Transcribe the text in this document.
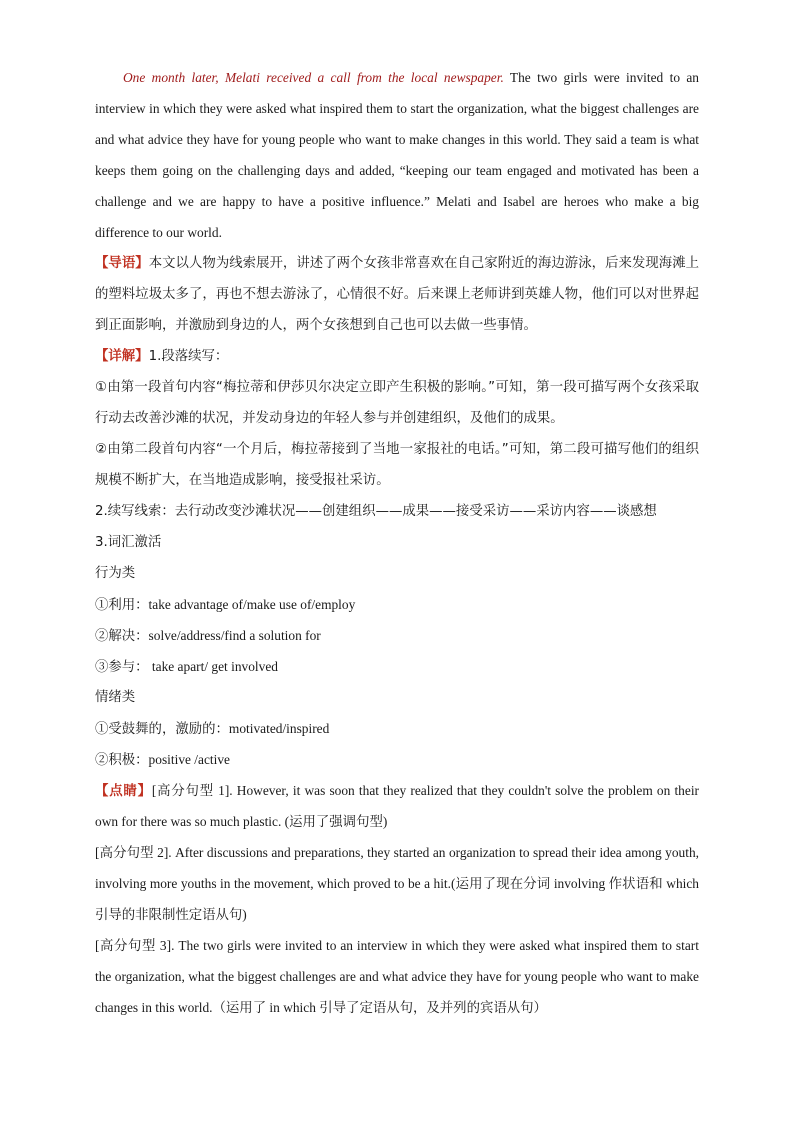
One month later, Melati received a call from the local newspaper. The two girls were invited to an interview in which they were asked what inspired them to start the organization, what the biggest challenges are and what advice they have for young people who want to make changes in this world. They said a team is what keeps them going on the challenging days and added, “keeping our team engaged and motivated has been a challenge and we are happy to have a positive influence.” Melati and Isabel are heroes who make a big difference to our world.

【导语】本文以人物为线索展开，讲述了两个女孩非常喜欢在自己家附近的海边游泳，后来发现海滩上的塑料垃圾太多了，再也不想去游泳了，心情很不好。后来课上老师讲到英雄人物，他们可以对世界起到正面影响，并激励到身边的人，两个女孩想到自己也可以去做一些事情。

【详解】1.段落续写：

①由第一段首句内容“梅拉蒂和伊莎贝尔决定立即产生积极的影响。”可知，第一段可描写两个女孩采取行动去改善沙滩的状况，并发动身边的年轻人参与并创建组织，及他们的成果。

②由第二段首句内容“一个月后，梅拉蒂接到了当地一家报社的电话。”可知，第二段可描写他们的组织规模不断扩大，在当地造成影响，接受报社采访。

2.续写线索：去行动改变沙滩状况——创建组织——成果——接受采访——采访内容——谈感想

3.词汇激活

行为类

①利用：take advantage of/make use of/employ

②解决：solve/address/find a solution for

③参与： take apart/ get involved

情绪类

①受鼓舞的，激励的：motivated/inspired

②积极：positive /active

【点睛】[高分句型 1]. However, it was soon that they realized that they couldn't solve the problem on their own for there was so much plastic. (运用了强调句型)

[高分句型 2]. After discussions and preparations, they started an organization to spread their idea among youth, involving more youths in the movement, which proved to be a hit.(运用了现在分词 involving 作状语和 which 引导的非限制性定语从句)

[高分句型 3]. The two girls were invited to an interview in which they were asked what inspired them to start the organization, what the biggest challenges are and what advice they have for young people who want to make changes in this world.（运用了 in which 引导了定语从句，及并列的宾语从句）
